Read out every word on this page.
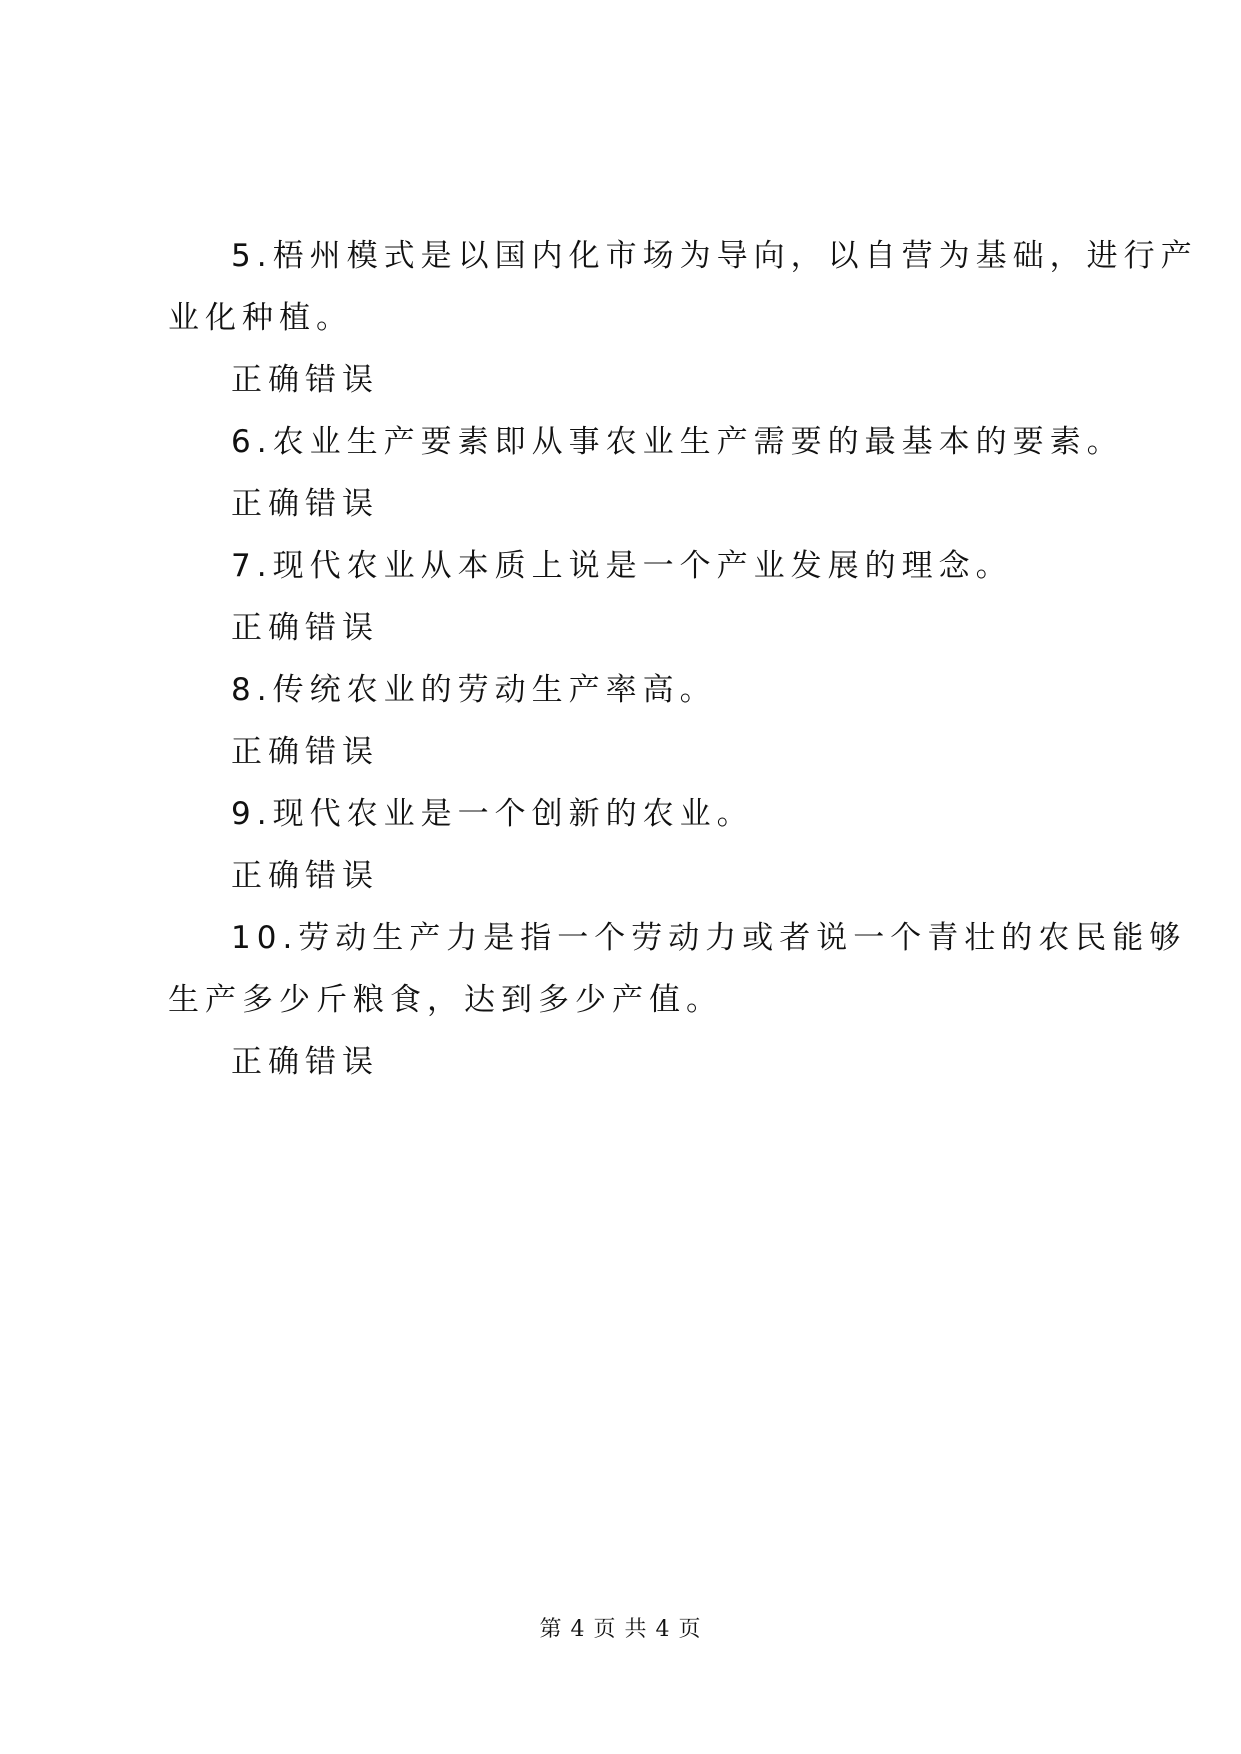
5.梧州模式是以国内化市场为导向，以自营为基础，进行产

业化种植。

正确错误

6.农业生产要素即从事农业生产需要的最基本的要素。

正确错误

7.现代农业从本质上说是一个产业发展的理念。

正确错误

8.传统农业的劳动生产率高。

正确错误

9.现代农业是一个创新的农业。

正确错误

10.劳动生产力是指一个劳动力或者说一个青壮的农民能够

生产多少斤粮食，达到多少产值。

正确错误

第 4 页 共 4 页
